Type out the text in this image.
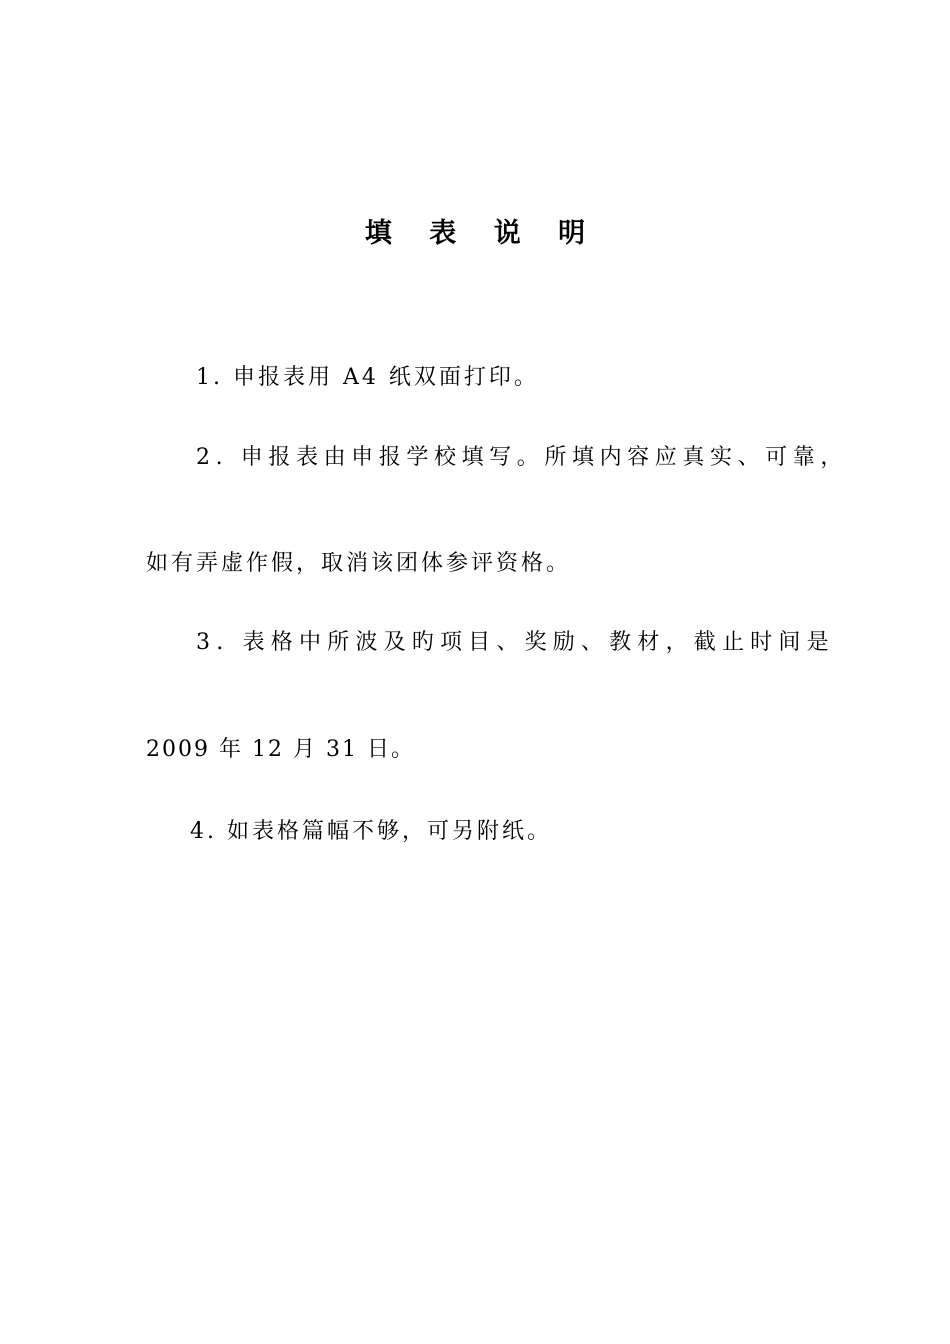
填 表 说 明
1. 申报表用 A4 纸双面打印。
2. 申报表由申报学校填写。所填内容应真实、可靠，
如有弄虚作假，取消该团体参评资格。
3. 表格中所波及旳项目、奖励、教材，截止时间是
2009 年 12 月 31 日。
4. 如表格篇幅不够，可另附纸。
